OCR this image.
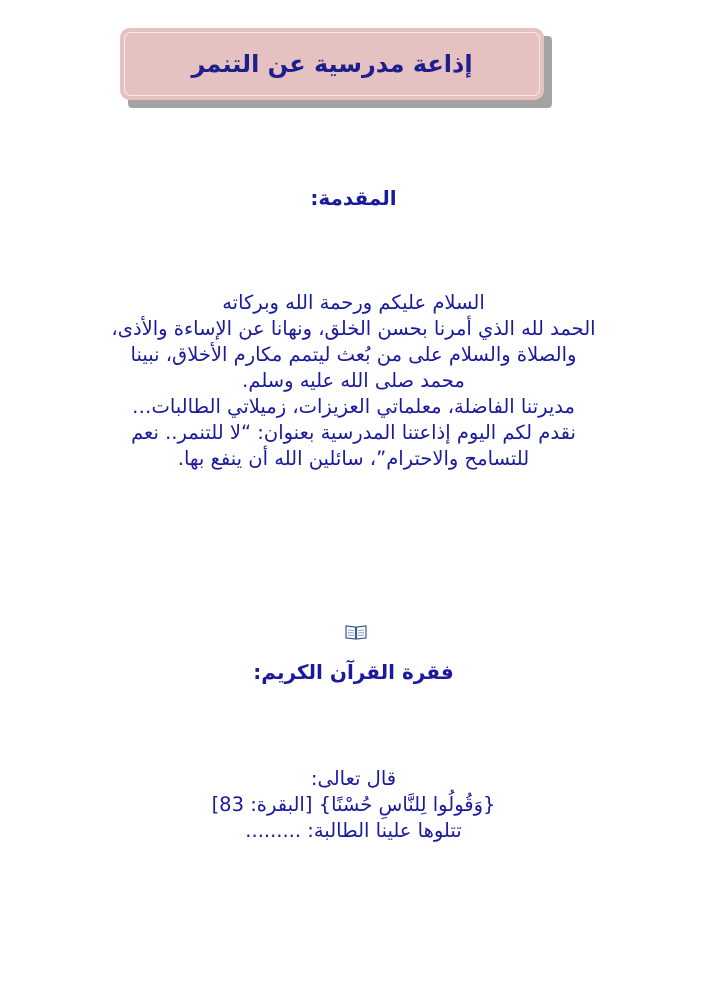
إذاعة مدرسية عن التنمر
المقدمة:
السلام عليكم ورحمة الله وبركاته
الحمد لله الذي أمرنا بحسن الخلق، ونهانا عن الإساءة والأذى،
والصلاة والسلام على من بُعث ليتمم مكارم الأخلاق، نبينا
محمد صلى الله عليه وسلم.
مديرتنا الفاضلة، معلماتي العزيزات، زميلاتي الطالبات…
نقدم لكم اليوم إذاعتنا المدرسية بعنوان: “لا للتنمر.. نعم
للتسامح والاحترام”، سائلين الله أن ينفع بها.
فقرة القرآن الكريم:
قال تعالى:
{وَقُولُوا لِلنَّاسِ حُسْنًا} [البقرة: 83]
تتلوها علينا الطالبة: .........
